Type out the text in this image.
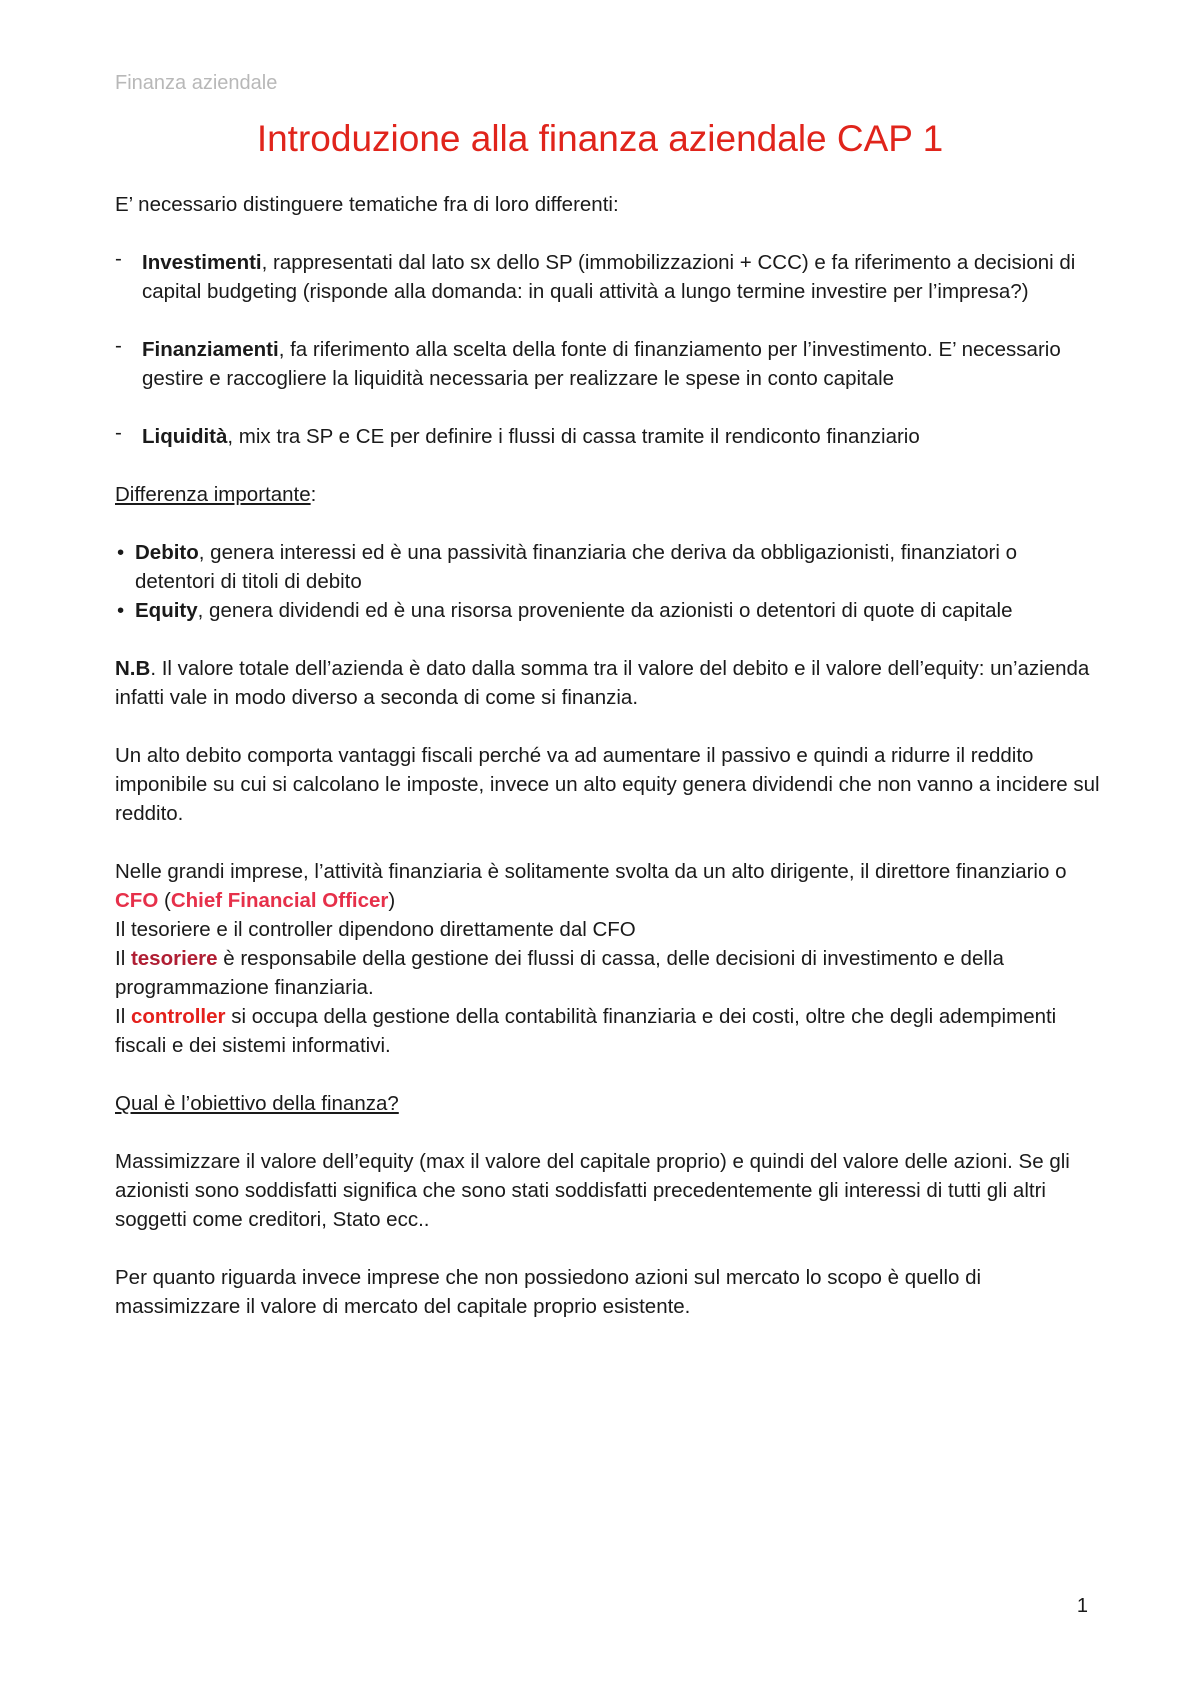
Finanza aziendale
Introduzione alla finanza aziendale CAP 1

E’ necessario distinguere tematiche fra di loro differenti:

- Investimenti, rappresentati dal lato sx dello SP (immobilizzazioni + CCC) e fa riferimento a decisioni di capital budgeting (risponde alla domanda: in quali attività a lungo termine investire per l’impresa?)
- Finanziamenti, fa riferimento alla scelta della fonte di finanziamento per l’investimento. E’ necessario gestire e raccogliere la liquidità necessaria per realizzare le spese in conto capitale
- Liquidità, mix tra SP e CE per definire i flussi di cassa tramite il rendiconto finanziario

Differenza importante:

• Debito, genera interessi ed è una passività finanziaria che deriva da obbligazionisti, finanziatori o detentori di titoli di debito
• Equity, genera dividendi ed è una risorsa proveniente da azionisti o detentori di quote di capitale

N.B. Il valore totale dell’azienda è dato dalla somma tra il valore del debito e il valore dell’equity: un’azienda infatti vale in modo diverso a seconda di come si finanzia.

Un alto debito comporta vantaggi fiscali perché va ad aumentare il passivo e quindi a ridurre il reddito imponibile su cui si calcolano le imposte, invece un alto equity genera dividendi che non vanno a incidere sul reddito.

Nelle grandi imprese, l’attività finanziaria è solitamente svolta da un alto dirigente, il direttore finanziario o CFO (Chief Financial Officer)
Il tesoriere e il controller dipendono direttamente dal CFO
Il tesoriere è responsabile della gestione dei flussi di cassa, delle decisioni di investimento e della programmazione finanziaria.
Il controller si occupa della gestione della contabilità finanziaria e dei costi, oltre che degli adempimenti fiscali e dei sistemi informativi.

Qual è l’obiettivo della finanza?

Massimizzare il valore dell’equity (max il valore del capitale proprio) e quindi del valore delle azioni. Se gli azionisti sono soddisfatti significa che sono stati soddisfatti precedentemente gli interessi di tutti gli altri soggetti come creditori, Stato ecc..

Per quanto riguarda invece imprese che non possiedono azioni sul mercato lo scopo è quello di massimizzare il valore di mercato del capitale proprio esistente.

1
